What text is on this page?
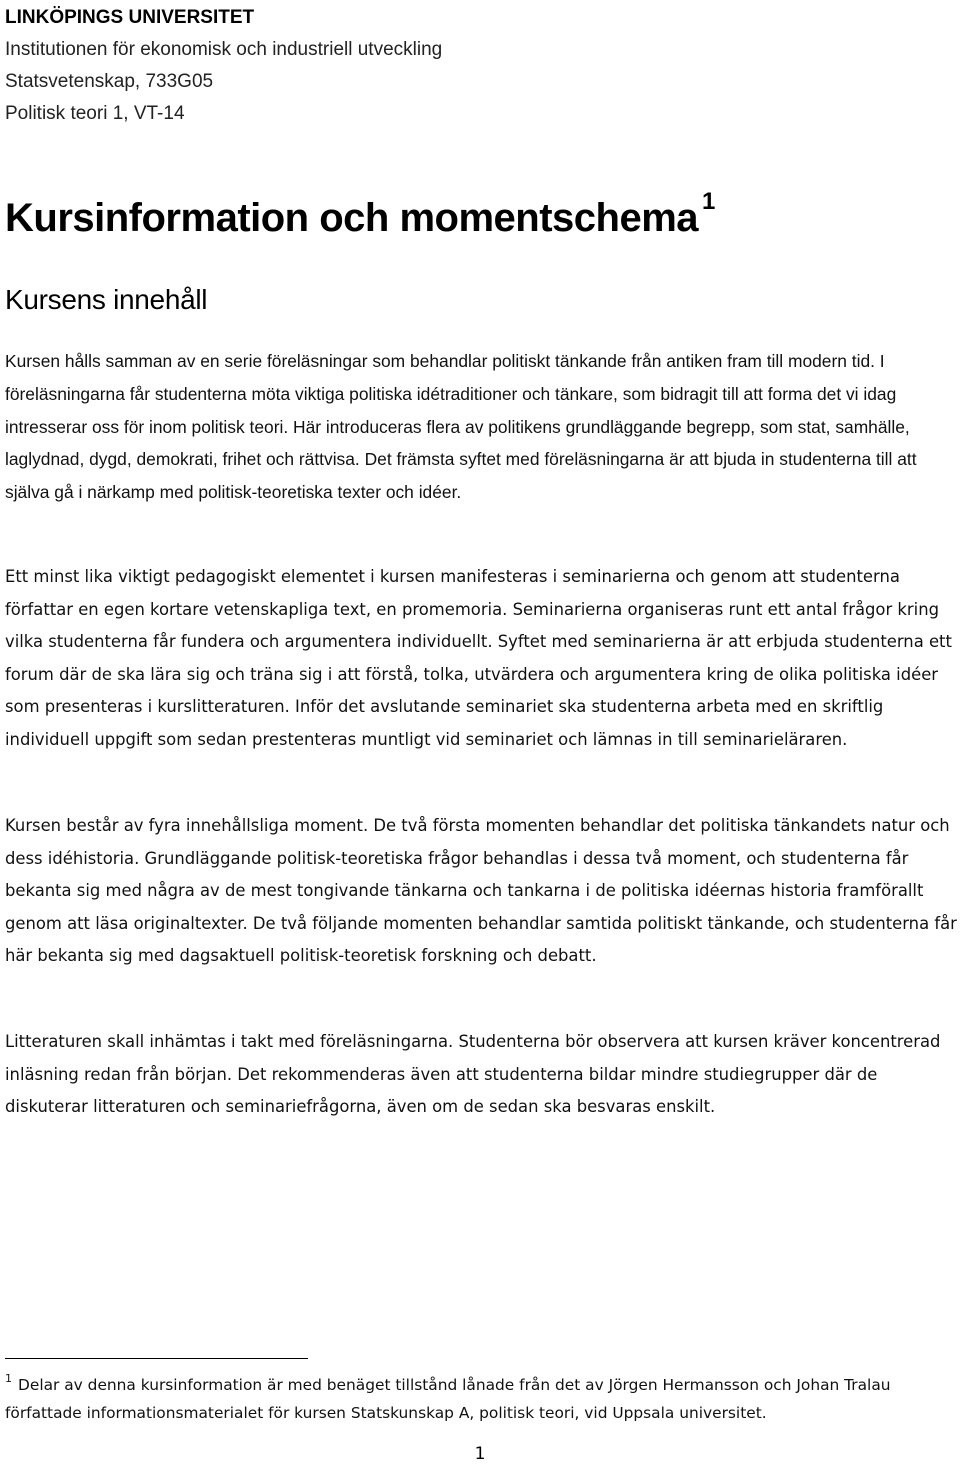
LINKÖPINGS UNIVERSITET
Institutionen för ekonomisk och industriell utveckling
Statsvetenskap, 733G05
Politisk teori 1, VT-14
Kursinformation och momentschema $^1$
Kursens innehåll

Kursen hålls samman av en serie föreläsningar som behandlar politiskt tänkande från antiken fram till modern tid. I föreläsningarna får studenterna möta viktiga politiska idétraditioner och tänkare, som bidragit till att forma det vi idag intresserar oss för inom politisk teori. Här introduceras flera av politikens grundläggande begrepp, som stat, samhälle, laglydnad, dygd, demokrati, frihet och rättvisa. Det främsta syftet med föreläsningarna är att bjuda in studenterna till att själva gå i närkamp med politisk-teoretiska texter och idéer.

Ett minst lika viktigt pedagogiskt elementet i kursen manifesteras i seminarierna och genom att studenterna författar en egen kortare vetenskapliga text, en promemoria. Seminarierna organiseras runt ett antal frågor kring vilka studenterna får fundera och argumentera individuellt. Syftet med seminarierna är att erbjuda studenterna ett forum där de ska lära sig och träna sig i att förstå, tolka, utvärdera och argumentera kring de olika politiska idéer som presenteras i kurslitteraturen. Inför det avslutande seminariet ska studenterna arbeta med en skriftlig individuell uppgift som sedan prestenteras muntligt vid seminariet och lämnas in till seminarieläraren.

Kursen består av fyra innehållsliga moment. De två första momenten behandlar det politiska tänkandets natur och dess idéhistoria. Grundläggande politisk-teoretiska frågor behandlas i dessa två moment, och studenterna får bekanta sig med några av de mest tongivande tänkarna och tankarna i de politiska idéernas historia framförallt genom att läsa originaltexter. De två följande momenten behandlar samtida politiskt tänkande, och studenterna får här bekanta sig med dagsaktuell politisk-teoretisk forskning och debatt.

Litteraturen skall inhämtas i takt med föreläsningarna. Studenterna bör observera att kursen kräver koncentrerad inläsning redan från början. Det rekommenderas även att studenterna bildar mindre studiegrupper där de diskuterar litteraturen och seminariefrågorna, även om de sedan ska besvaras enskilt.

$^1$ Delar av denna kursinformation är med benäget tillstånd lånade från det av Jörgen Hermansson och Johan Tralau författade informationsmaterialet för kursen Statskunskap A, politisk teori, vid Uppsala universitet.
1
